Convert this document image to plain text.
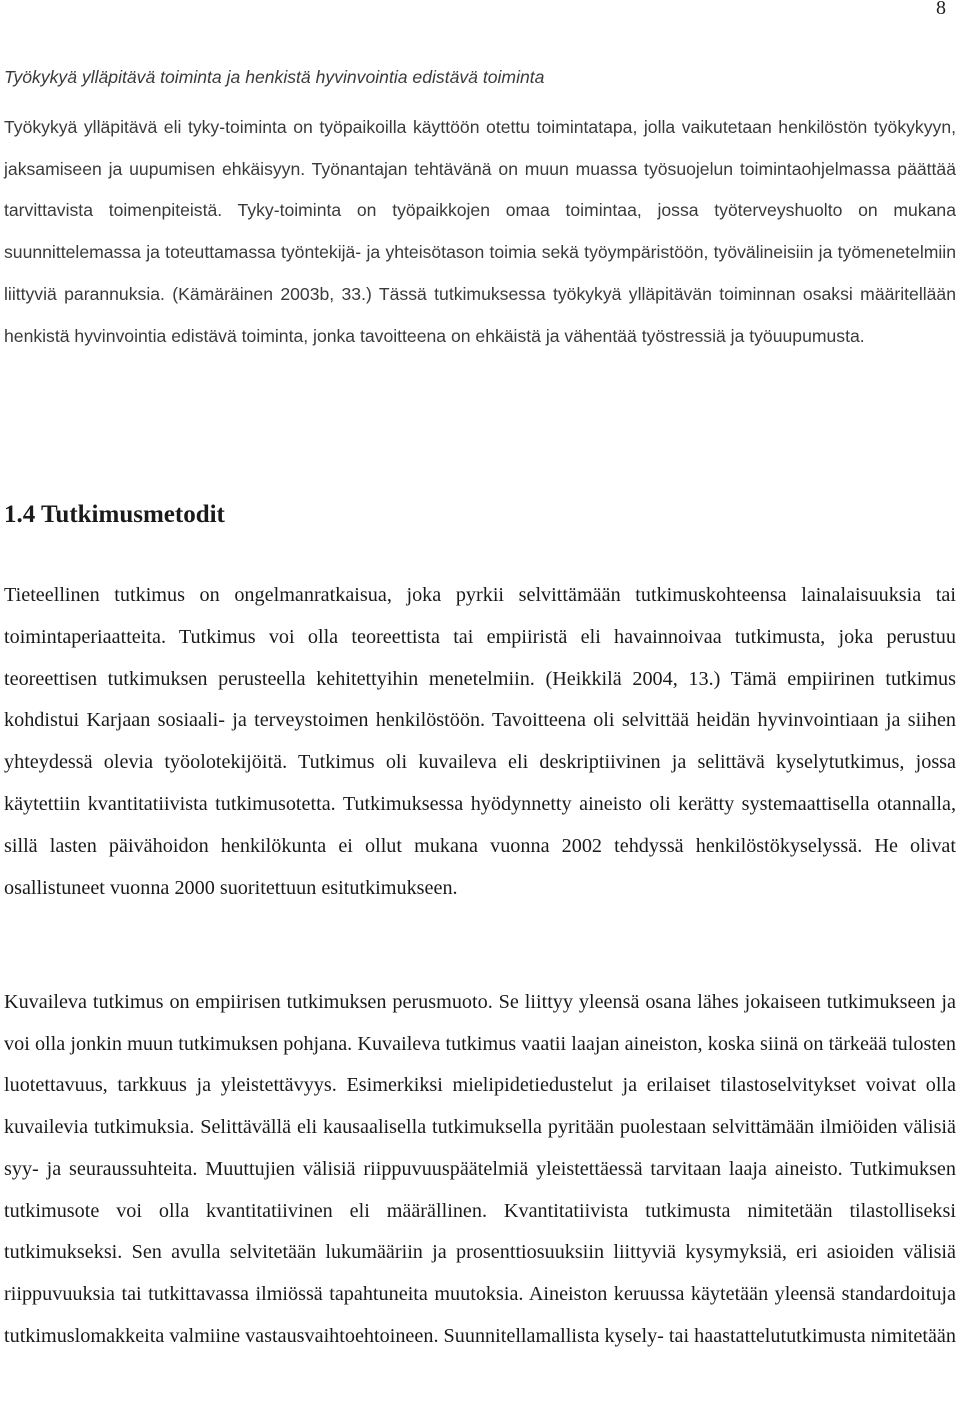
8
Työkykyä ylläpitävä toiminta ja henkistä hyvinvointia edistävä toiminta

Työkykyä ylläpitävä eli tyky-toiminta on työpaikoilla käyttöön otettu toimintatapa, jolla vaikutetaan henkilöstön työkykyyn, jaksamiseen ja uupumisen ehkäisyyn. Työnantajan tehtävänä on muun muassa työsuojelun toimintaohjelmassa päättää tarvittavista toimenpiteistä. Tyky-toiminta on työpaikkojen omaa toimintaa, jossa työterveyshuolto on mukana suunnittelemassa ja toteuttamassa työntekijä- ja yhteisötason toimia sekä työympäristöön, työvälineisiin ja työmenetelmiin liittyviä parannuksia. (Kämäräinen 2003b, 33.) Tässä tutkimuksessa työkykyä ylläpitävän toiminnan osaksi määritellään henkistä hyvinvointia edistävä toiminta, jonka tavoitteena on ehkäistä ja vähentää työstressiä ja työuupumusta.

1.4 Tutkimusmetodit

Tieteellinen tutkimus on ongelmanratkaisua, joka pyrkii selvittämään tutkimuskohteensa lainalaisuuksia tai toimintaperiaatteita. Tutkimus voi olla teoreettista tai empiiristä eli havainnoivaa tutkimusta, joka perustuu teoreettisen tutkimuksen perusteella kehitettyihin menetelmiin. (Heikkilä 2004, 13.) Tämä empiirinen tutkimus kohdistui Karjaan sosiaali- ja terveystoimen henkilöstöön. Tavoitteena oli selvittää heidän hyvinvointiaan ja siihen yhteydessä olevia työolotekijöitä. Tutkimus oli kuvaileva eli deskriptiivinen ja selittävä kyselytutkimus, jossa käytettiin kvantitatiivista tutkimusotetta. Tutkimuksessa hyödynnetty aineisto oli kerätty systemaattisella otannalla, sillä lasten päivähoidon henkilökunta ei ollut mukana vuonna 2002 tehdyssä henkilöstökyselyssä. He olivat osallistuneet vuonna 2000 suoritettuun esitutkimukseen.

Kuvaileva tutkimus on empiirisen tutkimuksen perusmuoto. Se liittyy yleensä osana lähes jokaiseen tutkimukseen ja voi olla jonkin muun tutkimuksen pohjana. Kuvaileva tutkimus vaatii laajan aineiston, koska siinä on tärkeää tulosten luotettavuus, tarkkuus ja yleistettävyys. Esimerkiksi mielipidetiedustelut ja erilaiset tilastoselvitykset voivat olla kuvailevia tutkimuksia. Selittävällä eli kausaalisella tutkimuksella pyritään puolestaan selvittämään ilmiöiden välisiä syy- ja seuraussuhteita. Muuttujien välisiä riippuvuuspäätelmiä yleistettäessä tarvitaan laaja aineisto. Tutkimuksen tutkimusote voi olla kvantitatiivinen eli määrällinen. Kvantitatiivista tutkimusta nimitetään tilastolliseksi tutkimukseksi. Sen avulla selvitetään lukumääriin ja prosenttiosuuksiin liittyviä kysymyksiä, eri asioiden välisiä riippuvuuksia tai tutkittavassa ilmiössä tapahtuneita muutoksia. Aineiston keruussa käytetään yleensä standardoituja tutkimuslomakkeita valmiine vastausvaihtoehtoineen. Suunnitellamallista kysely- tai haastattelututkimusta nimitetään
